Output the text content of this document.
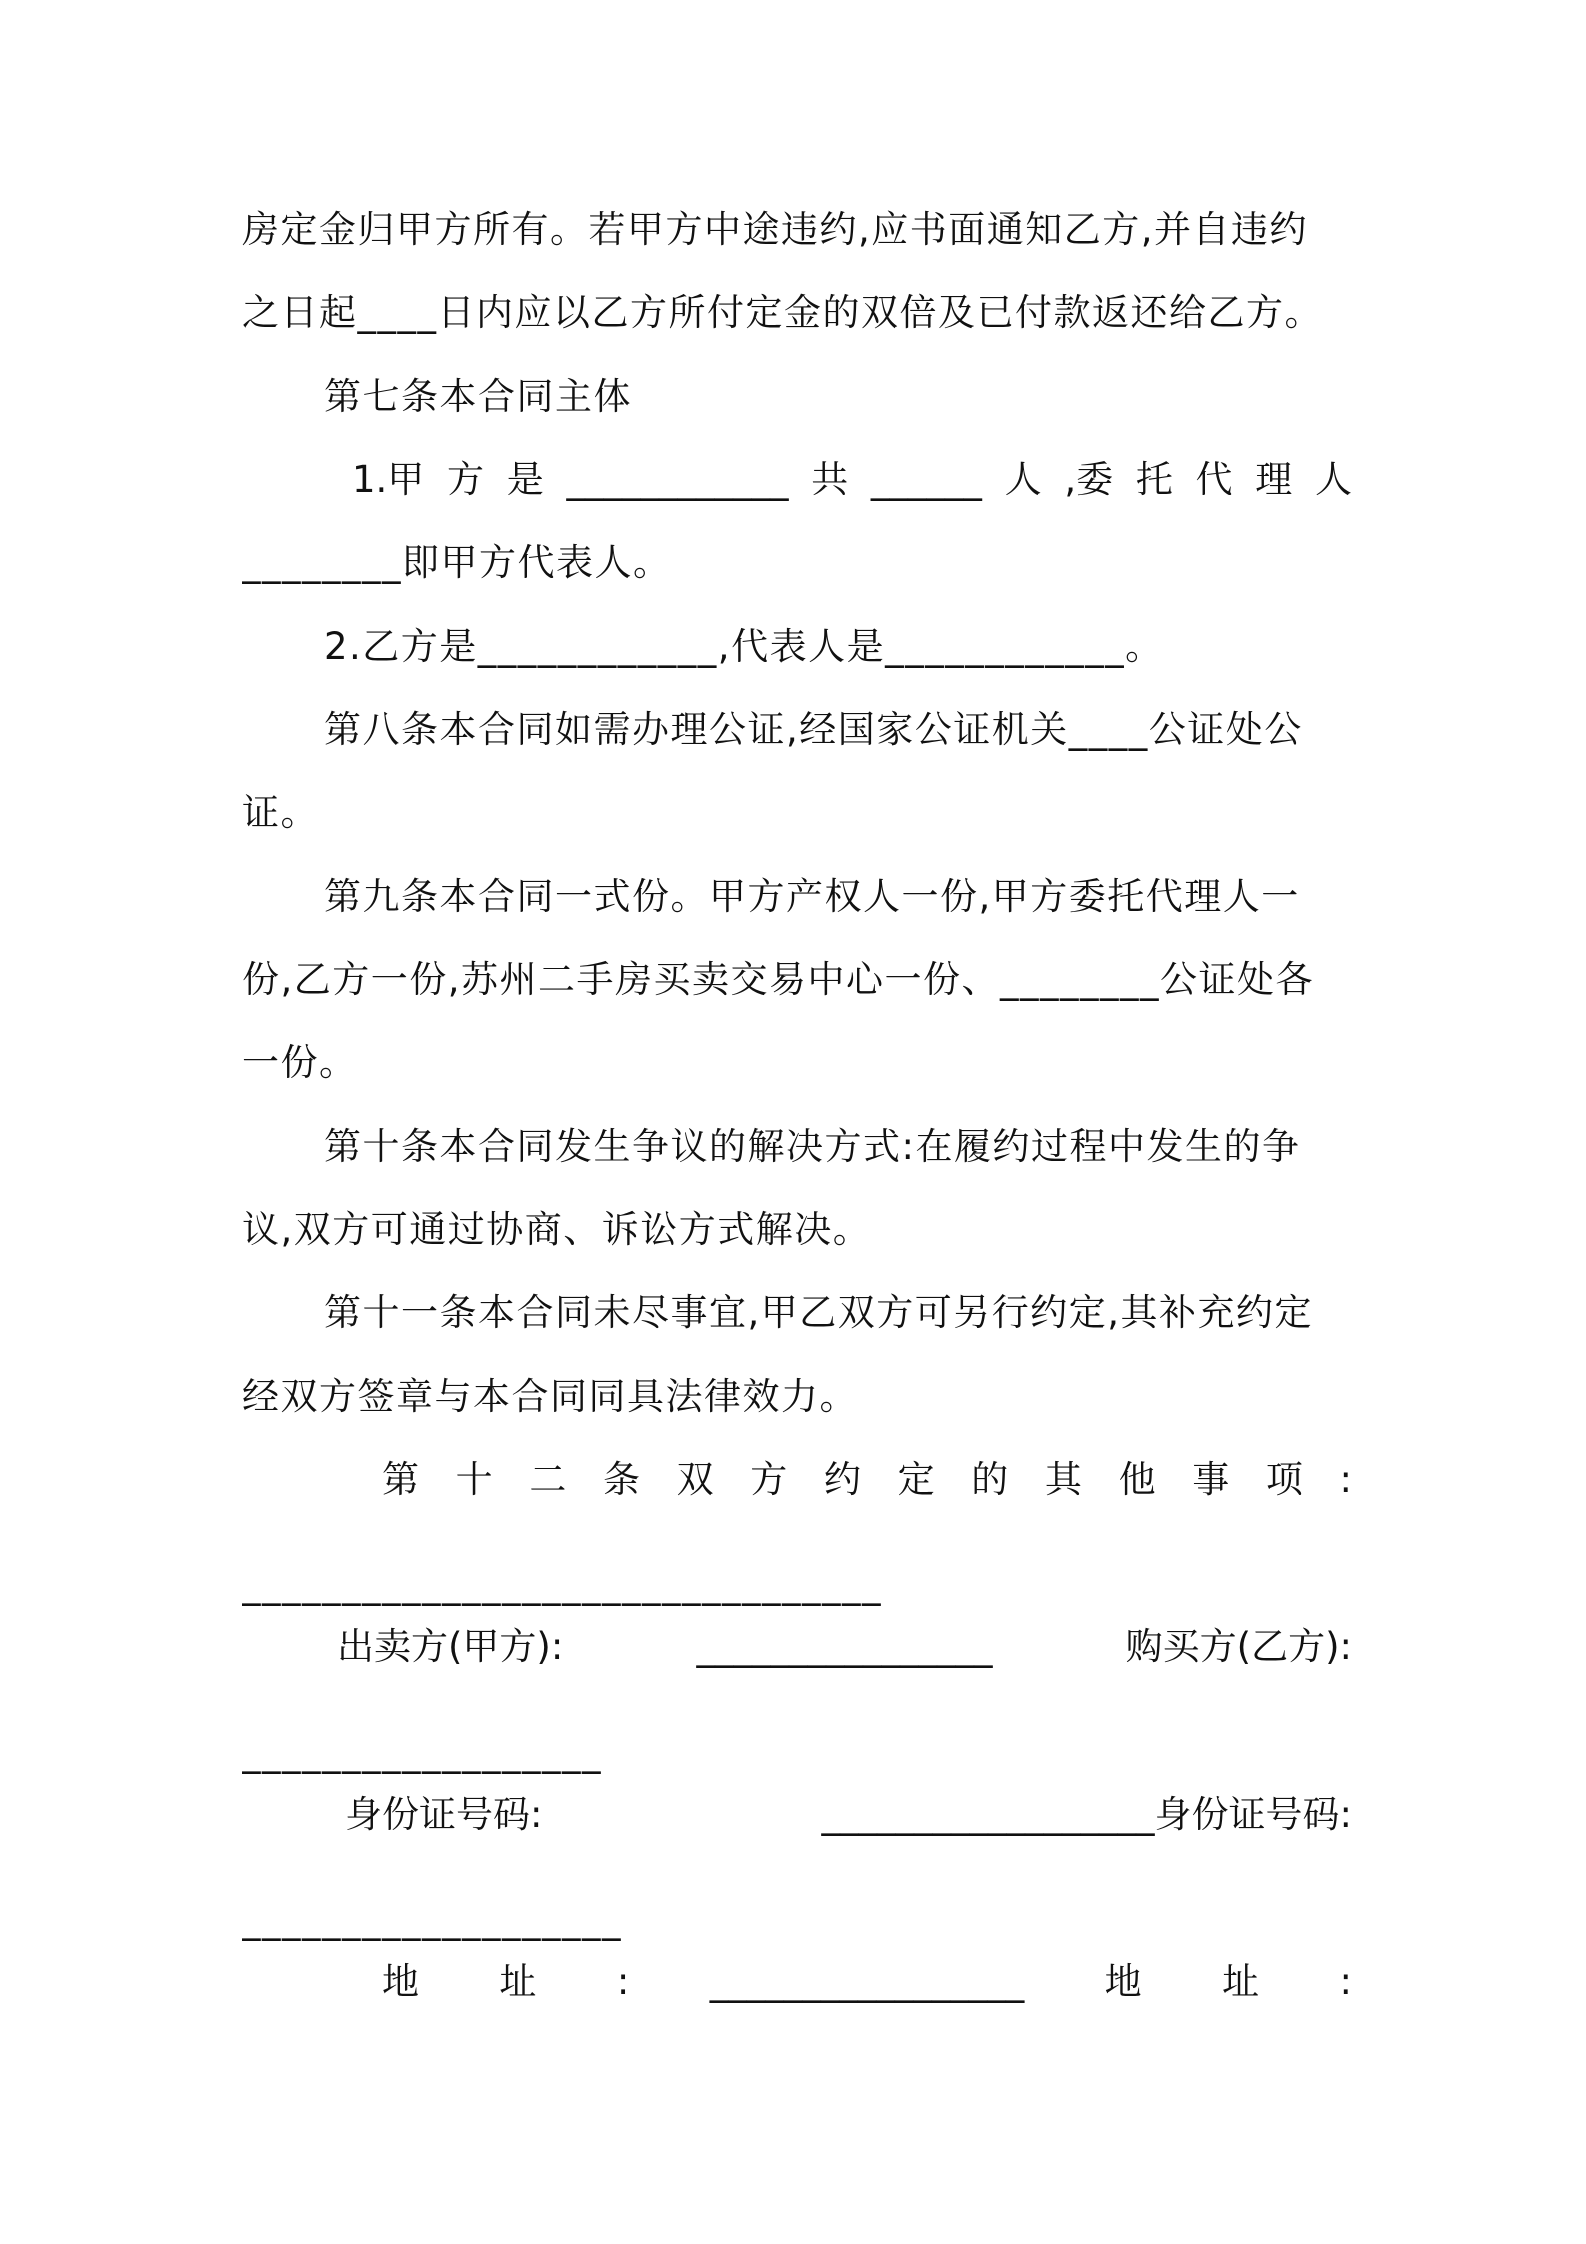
房定金归甲方所有。若甲方中途违约,应书面通知乙方,并自违约
之日起____日内应以乙方所付定金的双倍及已付款返还给乙方。
第七条本合同主体
1.甲 方 是 ____________ 共 ______ 人 ,委 托 代 理 人
________即甲方代表人。
2.乙方是____________,代表人是____________。
第八条本合同如需办理公证,经国家公证机关____公证处公
证。
第九条本合同一式份。甲方产权人一份,甲方委托代理人一
份,乙方一份,苏州二手房买卖交易中心一份、________公证处各
一份。
第十条本合同发生争议的解决方式:在履约过程中发生的争
议,双方可通过协商、诉讼方式解决。
第十一条本合同未尽事宜,甲乙双方可另行约定,其补充约定
经双方签章与本合同同具法律效力。
第 十 二 条 双 方 约 定 的 其 他 事 项 :
________________________________
出卖方(甲方):	________________	购买方(乙方):
__________________
身份证号码:	__________________身份证号码:
___________________
地 址 : _________________ 地 址 :
